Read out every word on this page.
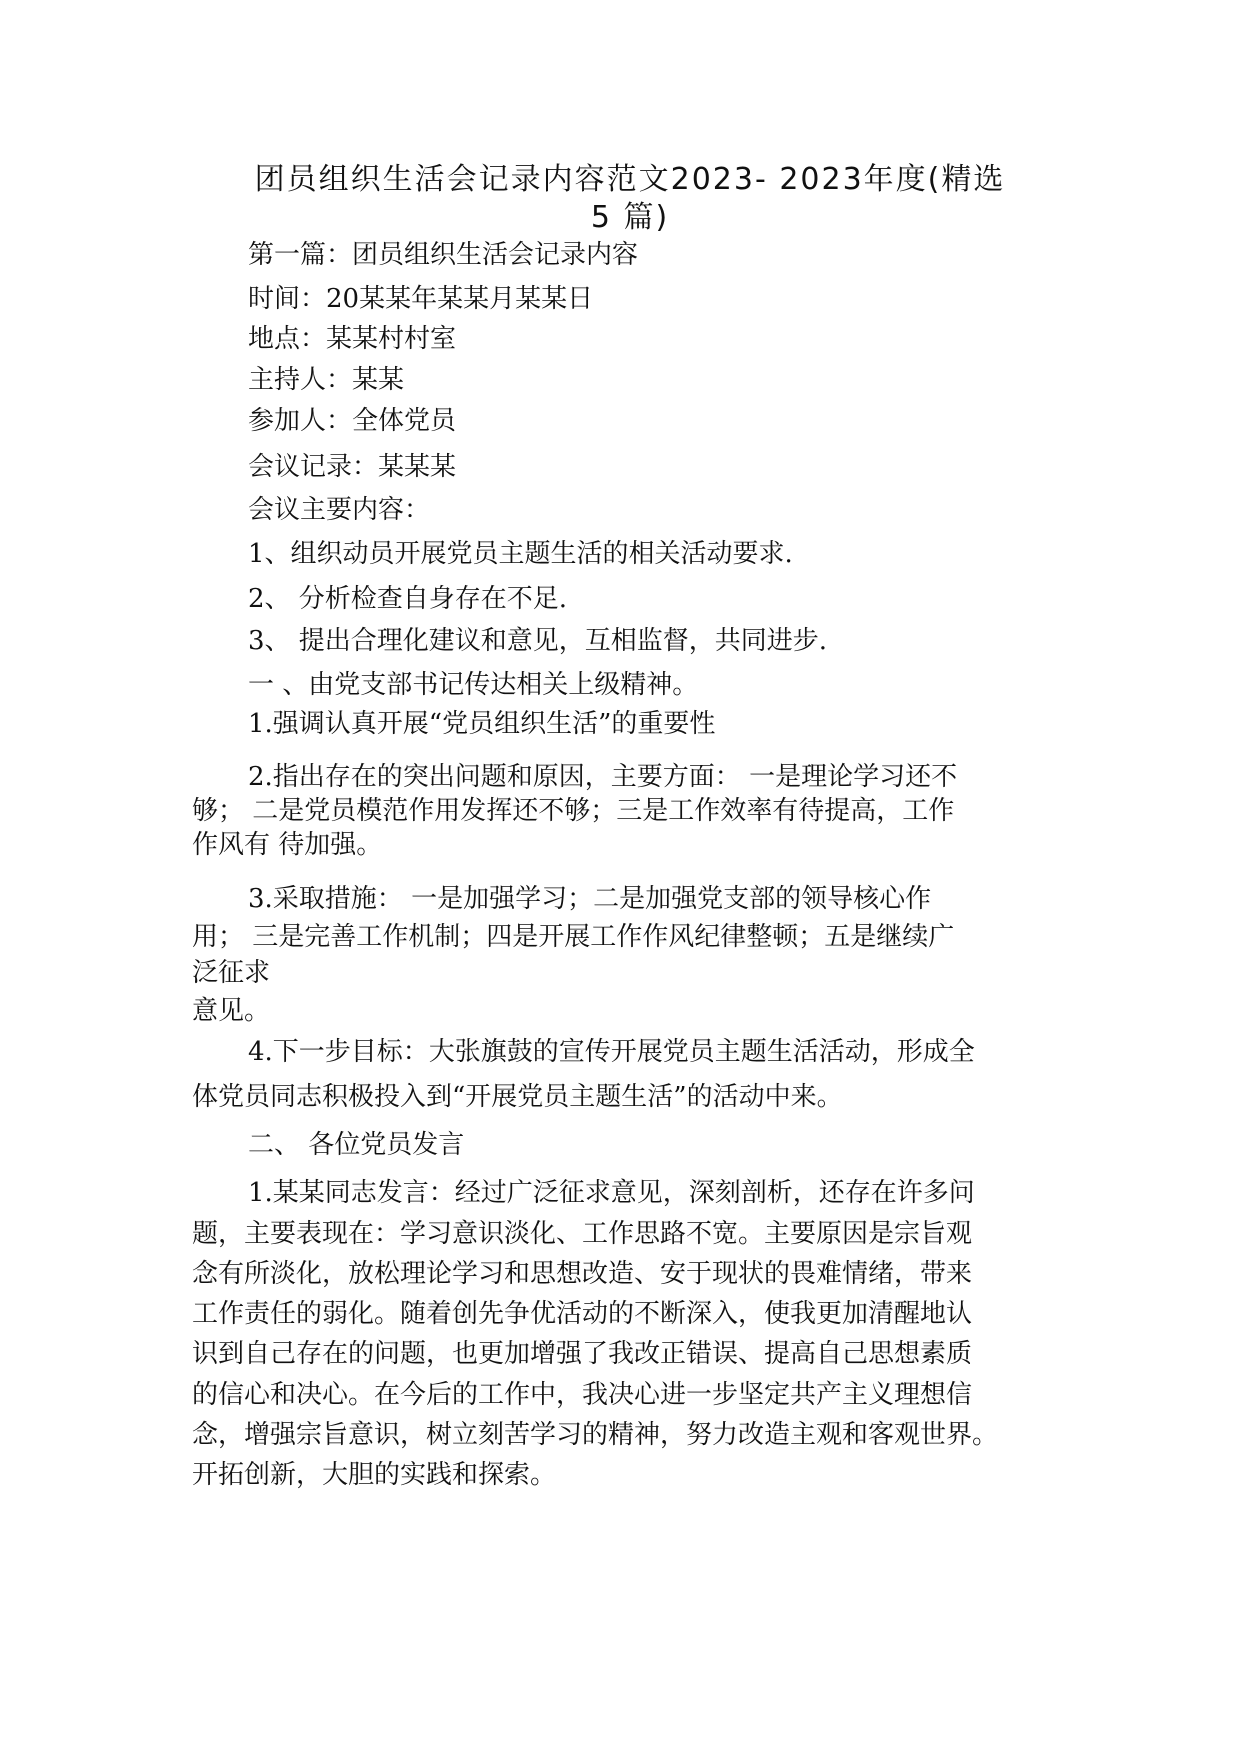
团员组织生活会记录内容范文2023- 2023年度(精选
5 篇)

第一篇：团员组织生活会记录内容

时间：20某某年某某月某某日

地点：某某村村室

主持人：某某

参加人：全体党员

会议记录：某某某

会议主要内容：

1、组织动员开展党员主题生活的相关活动要求.

2、 分析检查自身存在不足.

3、 提出合理化建议和意见，互相监督，共同进步.

一 、由党支部书记传达相关上级精神。

1.强调认真开展“党员组织生活”的重要性

2.指出存在的突出问题和原因，主要方面： 一是理论学习还不

够； 二是党员模范作用发挥还不够；三是工作效率有待提高，工作

作风有 待加强。

3.采取措施： 一是加强学习；二是加强党支部的领导核心作

用； 三是完善工作机制；四是开展工作作风纪律整顿；五是继续广

泛征求

意见。

4.下一步目标：大张旗鼓的宣传开展党员主题生活活动，形成全

体党员同志积极投入到“开展党员主题生活”的活动中来。

二、 各位党员发言

1.某某同志发言：经过广泛征求意见，深刻剖析，还存在许多问

题，主要表现在：学习意识淡化、工作思路不宽。主要原因是宗旨观

念有所淡化，放松理论学习和思想改造、安于现状的畏难情绪，带来

工作责任的弱化。随着创先争优活动的不断深入，使我更加清醒地认

识到自己存在的问题，也更加增强了我改正错误、提高自己思想素质

的信心和决心。在今后的工作中，我决心进一步坚定共产主义理想信

念，增强宗旨意识，树立刻苦学习的精神，努力改造主观和客观世界。

开拓创新，大胆的实践和探索。
